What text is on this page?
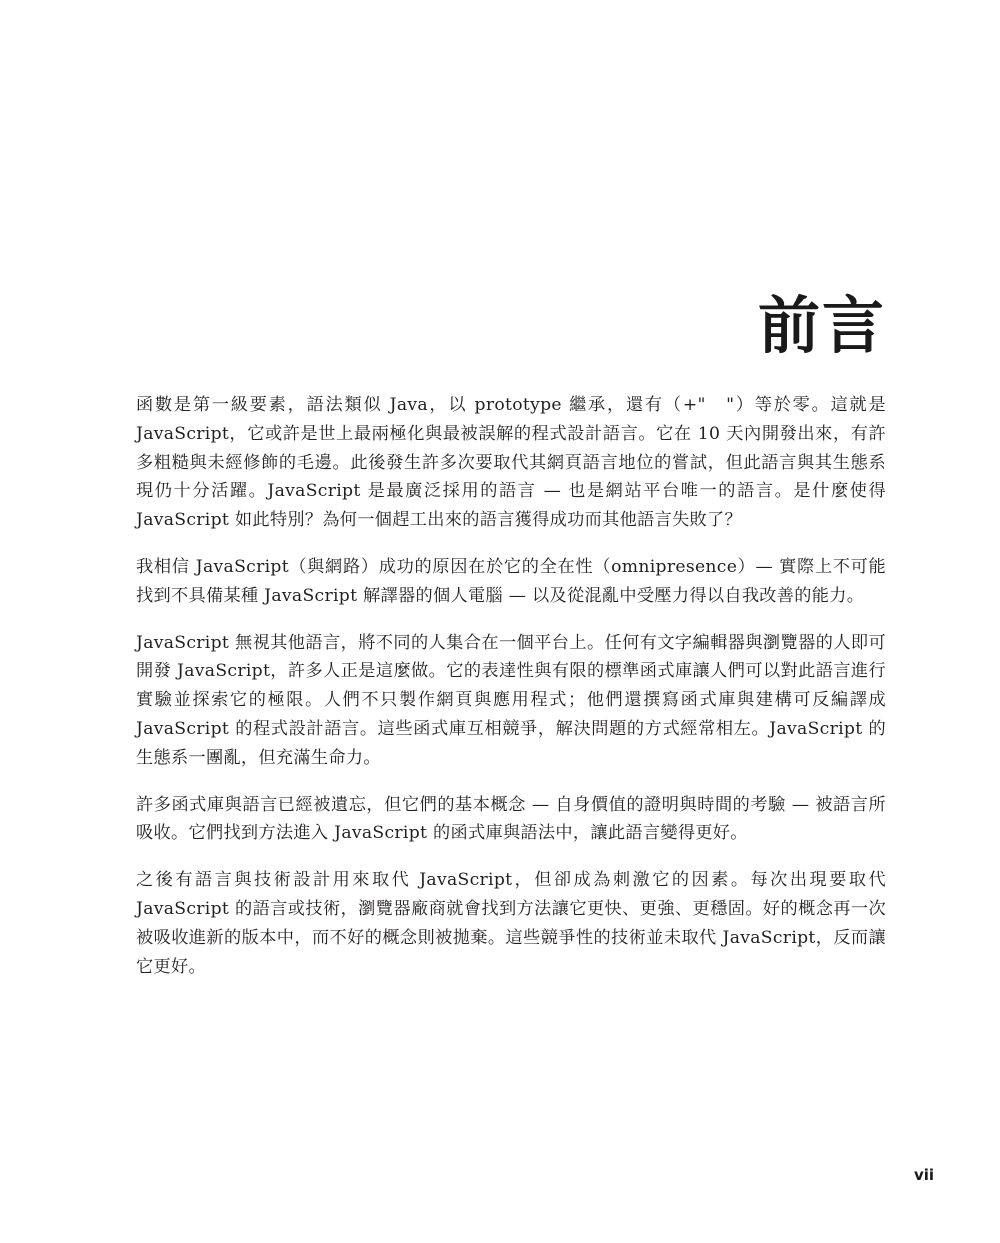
前言

函數是第一級要素，語法類似 Java，以 prototype 繼承，還有（+"　"）等於零。這就是 JavaScript，它或許是世上最兩極化與最被誤解的程式設計語言。它在 10 天內開發出來，有許多粗糙與未經修飾的毛邊。此後發生許多次要取代其網頁語言地位的嘗試，但此語言與其生態系現仍十分活躍。JavaScript 是最廣泛採用的語言 — 也是網站平台唯一的語言。是什麼使得 JavaScript 如此特別？為何一個趕工出來的語言獲得成功而其他語言失敗了？

我相信 JavaScript（與網路）成功的原因在於它的全在性（omnipresence）— 實際上不可能找到不具備某種 JavaScript 解譯器的個人電腦 — 以及從混亂中受壓力得以自我改善的能力。

JavaScript 無視其他語言，將不同的人集合在一個平台上。任何有文字編輯器與瀏覽器的人即可開發 JavaScript，許多人正是這麼做。它的表達性與有限的標準函式庫讓人們可以對此語言進行實驗並探索它的極限。人們不只製作網頁與應用程式；他們還撰寫函式庫與建構可反編譯成 JavaScript 的程式設計語言。這些函式庫互相競爭，解決問題的方式經常相左。JavaScript 的生態系一團亂，但充滿生命力。

許多函式庫與語言已經被遺忘，但它們的基本概念 — 自身價值的證明與時間的考驗 — 被語言所吸收。它們找到方法進入 JavaScript 的函式庫與語法中，讓此語言變得更好。

之後有語言與技術設計用來取代 JavaScript，但卻成為刺激它的因素。每次出現要取代 JavaScript 的語言或技術，瀏覽器廠商就會找到方法讓它更快、更強、更穩固。好的概念再一次被吸收進新的版本中，而不好的概念則被拋棄。這些競爭性的技術並未取代 JavaScript，反而讓它更好。

vii
